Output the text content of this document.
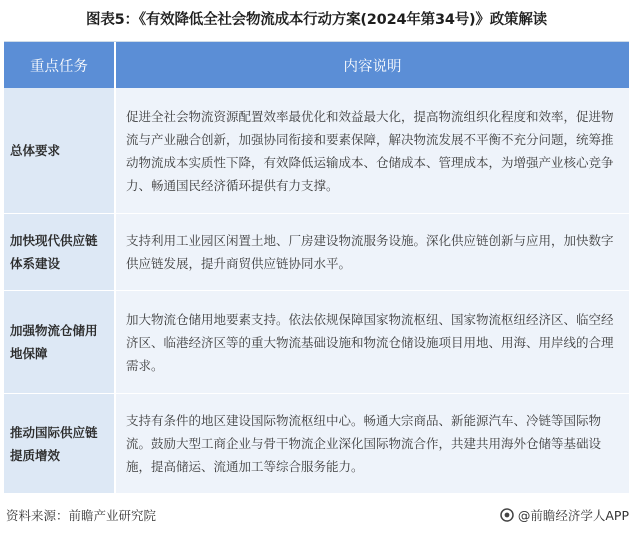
图表5：《有效降低全社会物流成本行动方案(2024年第34号)》政策解读
重点任务	内容说明
总体要求
促进全社会物流资源配置效率最优化和效益最大化，提高物流组织化程度和效率，促进物流与产业融合创新，加强协同衔接和要素保障，解决物流发展不平衡不充分问题，统筹推动物流成本实质性下降，有效降低运输成本、仓储成本、管理成本，为增强产业核心竞争力、畅通国民经济循环提供有力支撑。
加快现代供应链体系建设
支持利用工业园区闲置土地、厂房建设物流服务设施。深化供应链创新与应用，加快数字供应链发展，提升商贸供应链协同水平。
加强物流仓储用地保障
加大物流仓储用地要素支持。依法依规保障国家物流枢纽、国家物流枢纽经济区、临空经济区、临港经济区等的重大物流基础设施和物流仓储设施项目用地、用海、用岸线的合理需求。
推动国际供应链提质增效
支持有条件的地区建设国际物流枢纽中心。畅通大宗商品、新能源汽车、冷链等国际物流。鼓励大型工商企业与骨干物流企业深化国际物流合作，共建共用海外仓储等基础设施，提高储运、流通加工等综合服务能力。
资料来源：前瞻产业研究院	@前瞻经济学人APP
